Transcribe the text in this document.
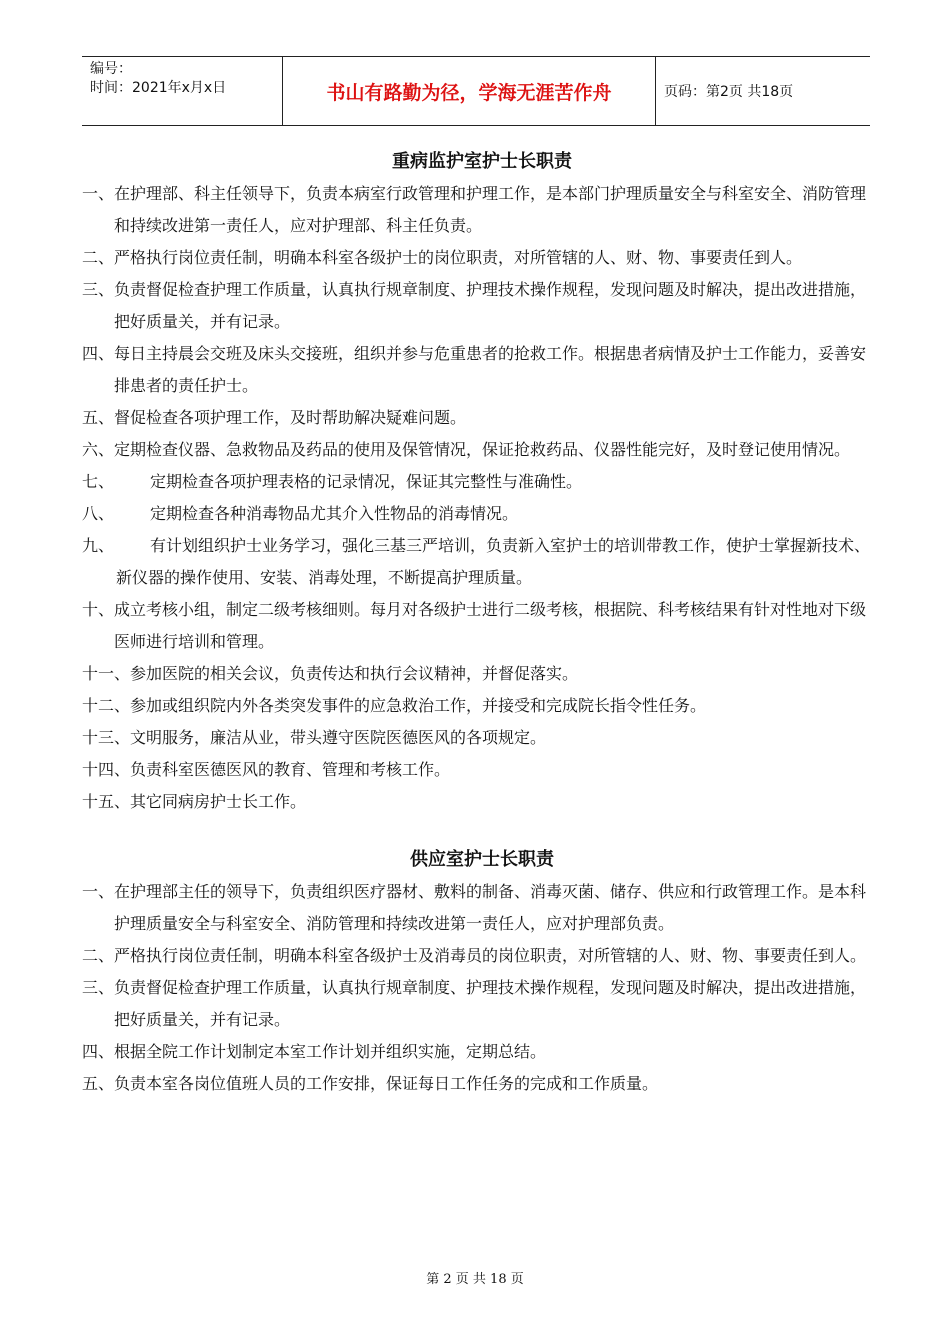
编号：
时间：2021年x月x日	书山有路勤为径，学海无涯苦作舟	页码：第2页 共18页
重病监护室护士长职责
一、 在护理部、科主任领导下，负责本病室行政管理和护理工作，是本部门护理质量安全与科室安全、消防管理和持续改进第一责任人，应对护理部、科主任负责。
二、 严格执行岗位责任制，明确本科室各级护士的岗位职责，对所管辖的人、财、物、事要责任到人。
三、 负责督促检查护理工作质量，认真执行规章制度、护理技术操作规程，发现问题及时解决，提出改进措施，把好质量关，并有记录。
四、 每日主持晨会交班及床头交接班，组织并参与危重患者的抢救工作。根据患者病情及护士工作能力，妥善安排患者的责任护士。
五、 督促检查各项护理工作，及时帮助解决疑难问题。
六、 定期检查仪器、急救物品及药品的使用及保管情况，保证抢救药品、仪器性能完好，及时登记使用情况。
七、	定期检查各项护理表格的记录情况，保证其完整性与准确性。
八、	定期检查各种消毒物品尤其介入性物品的消毒情况。
九、 有计划组织护士业务学习，强化三基三严培训，负责新入室护士的培训带教工作，使护士掌握新技术、新仪器的操作使用、安装、消毒处理，不断提高护理质量。
十、 成立考核小组，制定二级考核细则。每月对各级护士进行二级考核，根据院、科考核结果有针对性地对下级医师进行培训和管理。
十一、 参加医院的相关会议，负责传达和执行会议精神，并督促落实。
十二、 参加或组织院内外各类突发事件的应急救治工作，并接受和完成院长指令性任务。
十三、 文明服务，廉洁从业，带头遵守医院医德医风的各项规定。
十四、 负责科室医德医风的教育、管理和考核工作。
十五、 其它同病房护士长工作。
供应室护士长职责
一、 在护理部主任的领导下，负责组织医疗器材、敷料的制备、消毒灭菌、储存、供应和行政管理工作。是本科护理质量安全与科室安全、消防管理和持续改进第一责任人，应对护理部负责。
二、 严格执行岗位责任制，明确本科室各级护士及消毒员的岗位职责，对所管辖的人、财、物、事要责任到人。
三、 负责督促检查护理工作质量，认真执行规章制度、护理技术操作规程，发现问题及时解决，提出改进措施，把好质量关，并有记录。
四、 根据全院工作计划制定本室工作计划并组织实施，定期总结。
五、 负责本室各岗位值班人员的工作安排，保证每日工作任务的完成和工作质量。
第 2 页 共 18 页
